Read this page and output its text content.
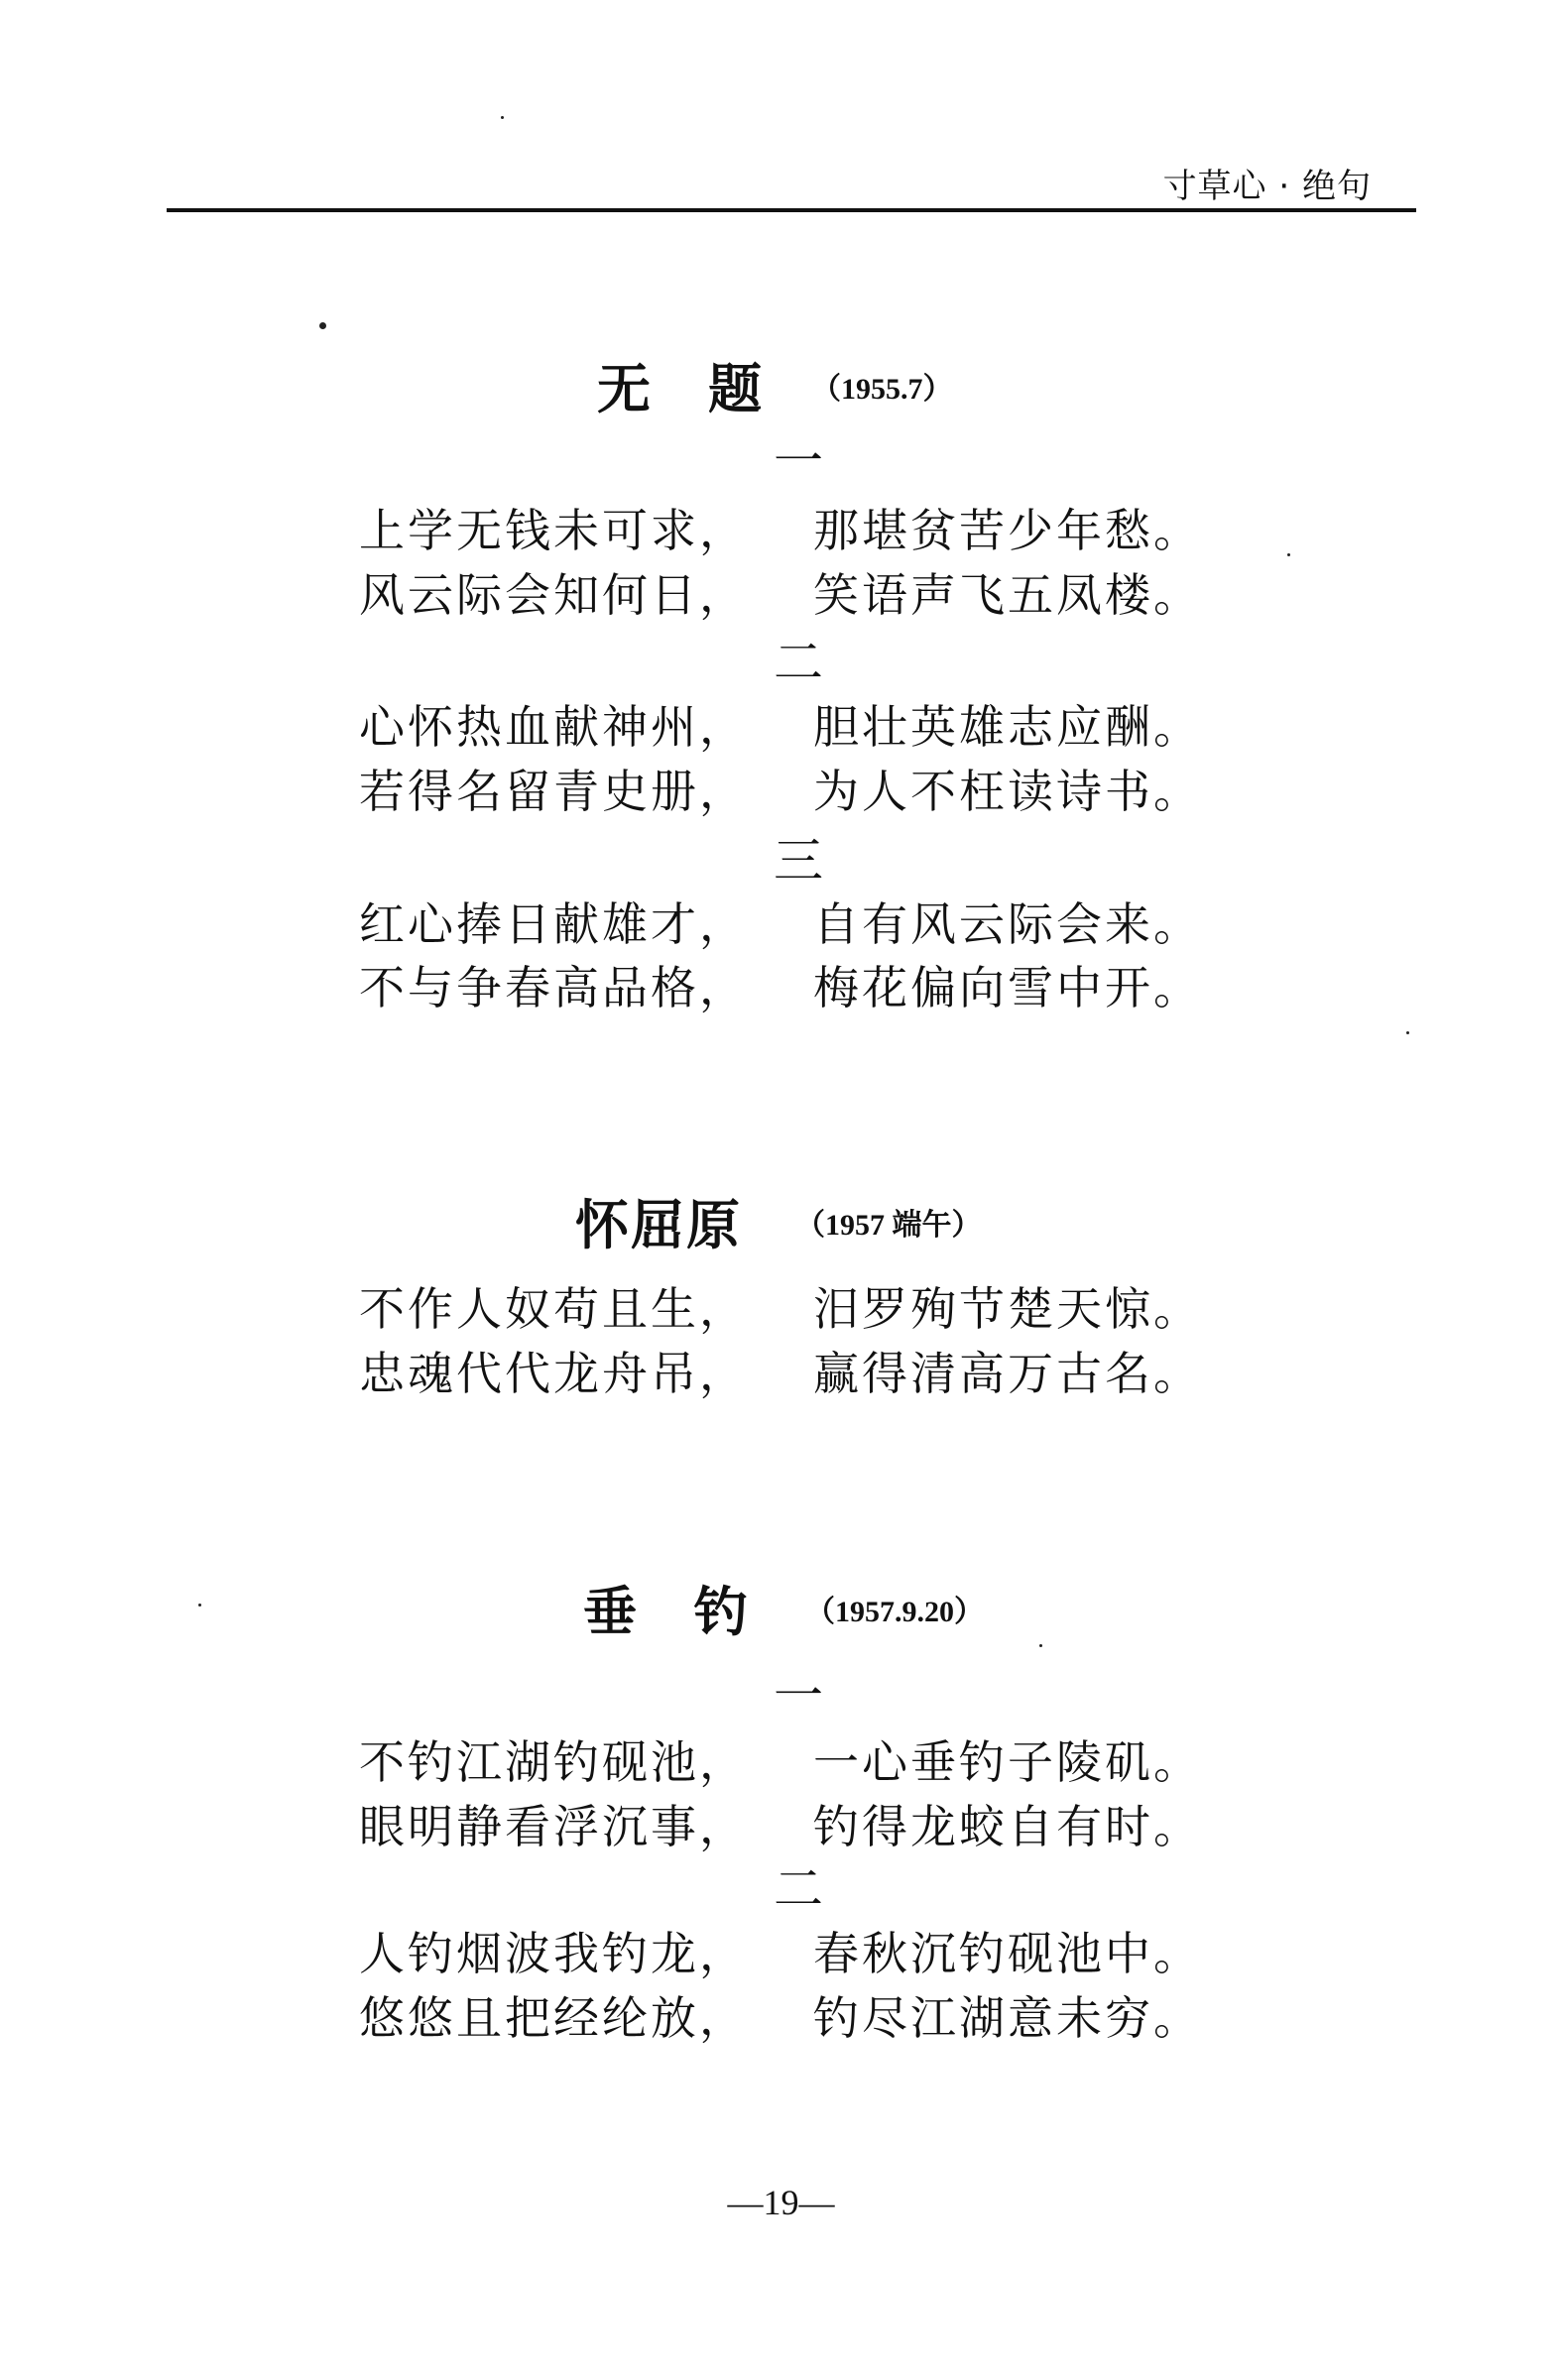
寸草心 · 绝句
无　题 （1955.7）
一
上学无钱未可求， 那堪贫苦少年愁。
风云际会知何日， 笑语声飞五凤楼。
二
心怀热血献神州， 胆壮英雄志应酬。
若得名留青史册， 为人不枉读诗书。
三
红心捧日献雄才， 自有风云际会来。
不与争春高品格， 梅花偏向雪中开。
怀屈原 （1957 端午）
不作人奴苟且生， 汨罗殉节楚天惊。
忠魂代代龙舟吊， 赢得清高万古名。
垂　钓 （1957.9.20）
一
不钓江湖钓砚池， 一心垂钓子陵矶。
眼明静看浮沉事， 钓得龙蛟自有时。
二
人钓烟波我钓龙， 春秋沉钓砚池中。
悠悠且把经纶放， 钓尽江湖意未穷。
—19—
